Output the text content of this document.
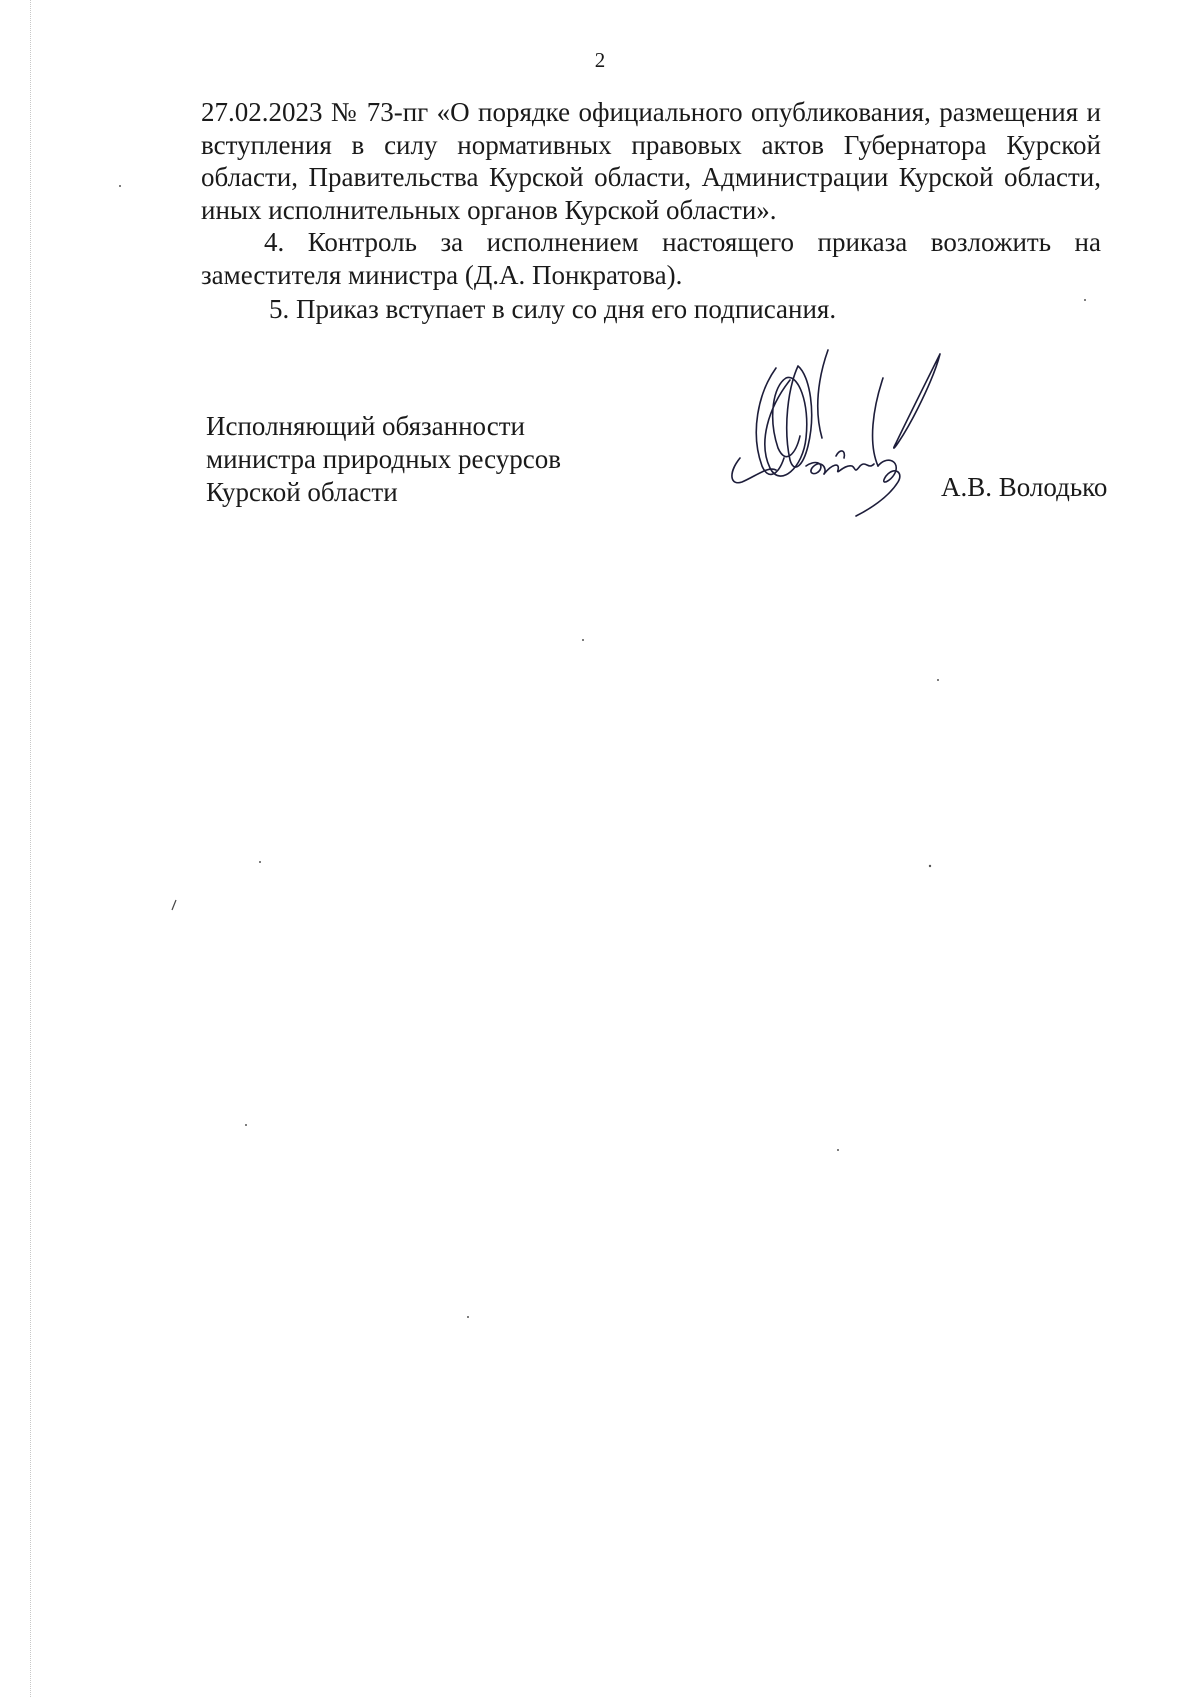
2

27.02.2023 № 73-пг «О порядке официального опубликования, размещения и вступления в силу нормативных правовых актов Губернатора Курской области, Правительства Курской области, Администрации Курской области, иных исполнительных органов Курской области».

4. Контроль за исполнением настоящего приказа возложить на заместителя министра (Д.А. Понкратова).

5. Приказ вступает в силу со дня его подписания.

Исполняющий обязанности
министра природных ресурсов
Курской области	А.В. Володько
